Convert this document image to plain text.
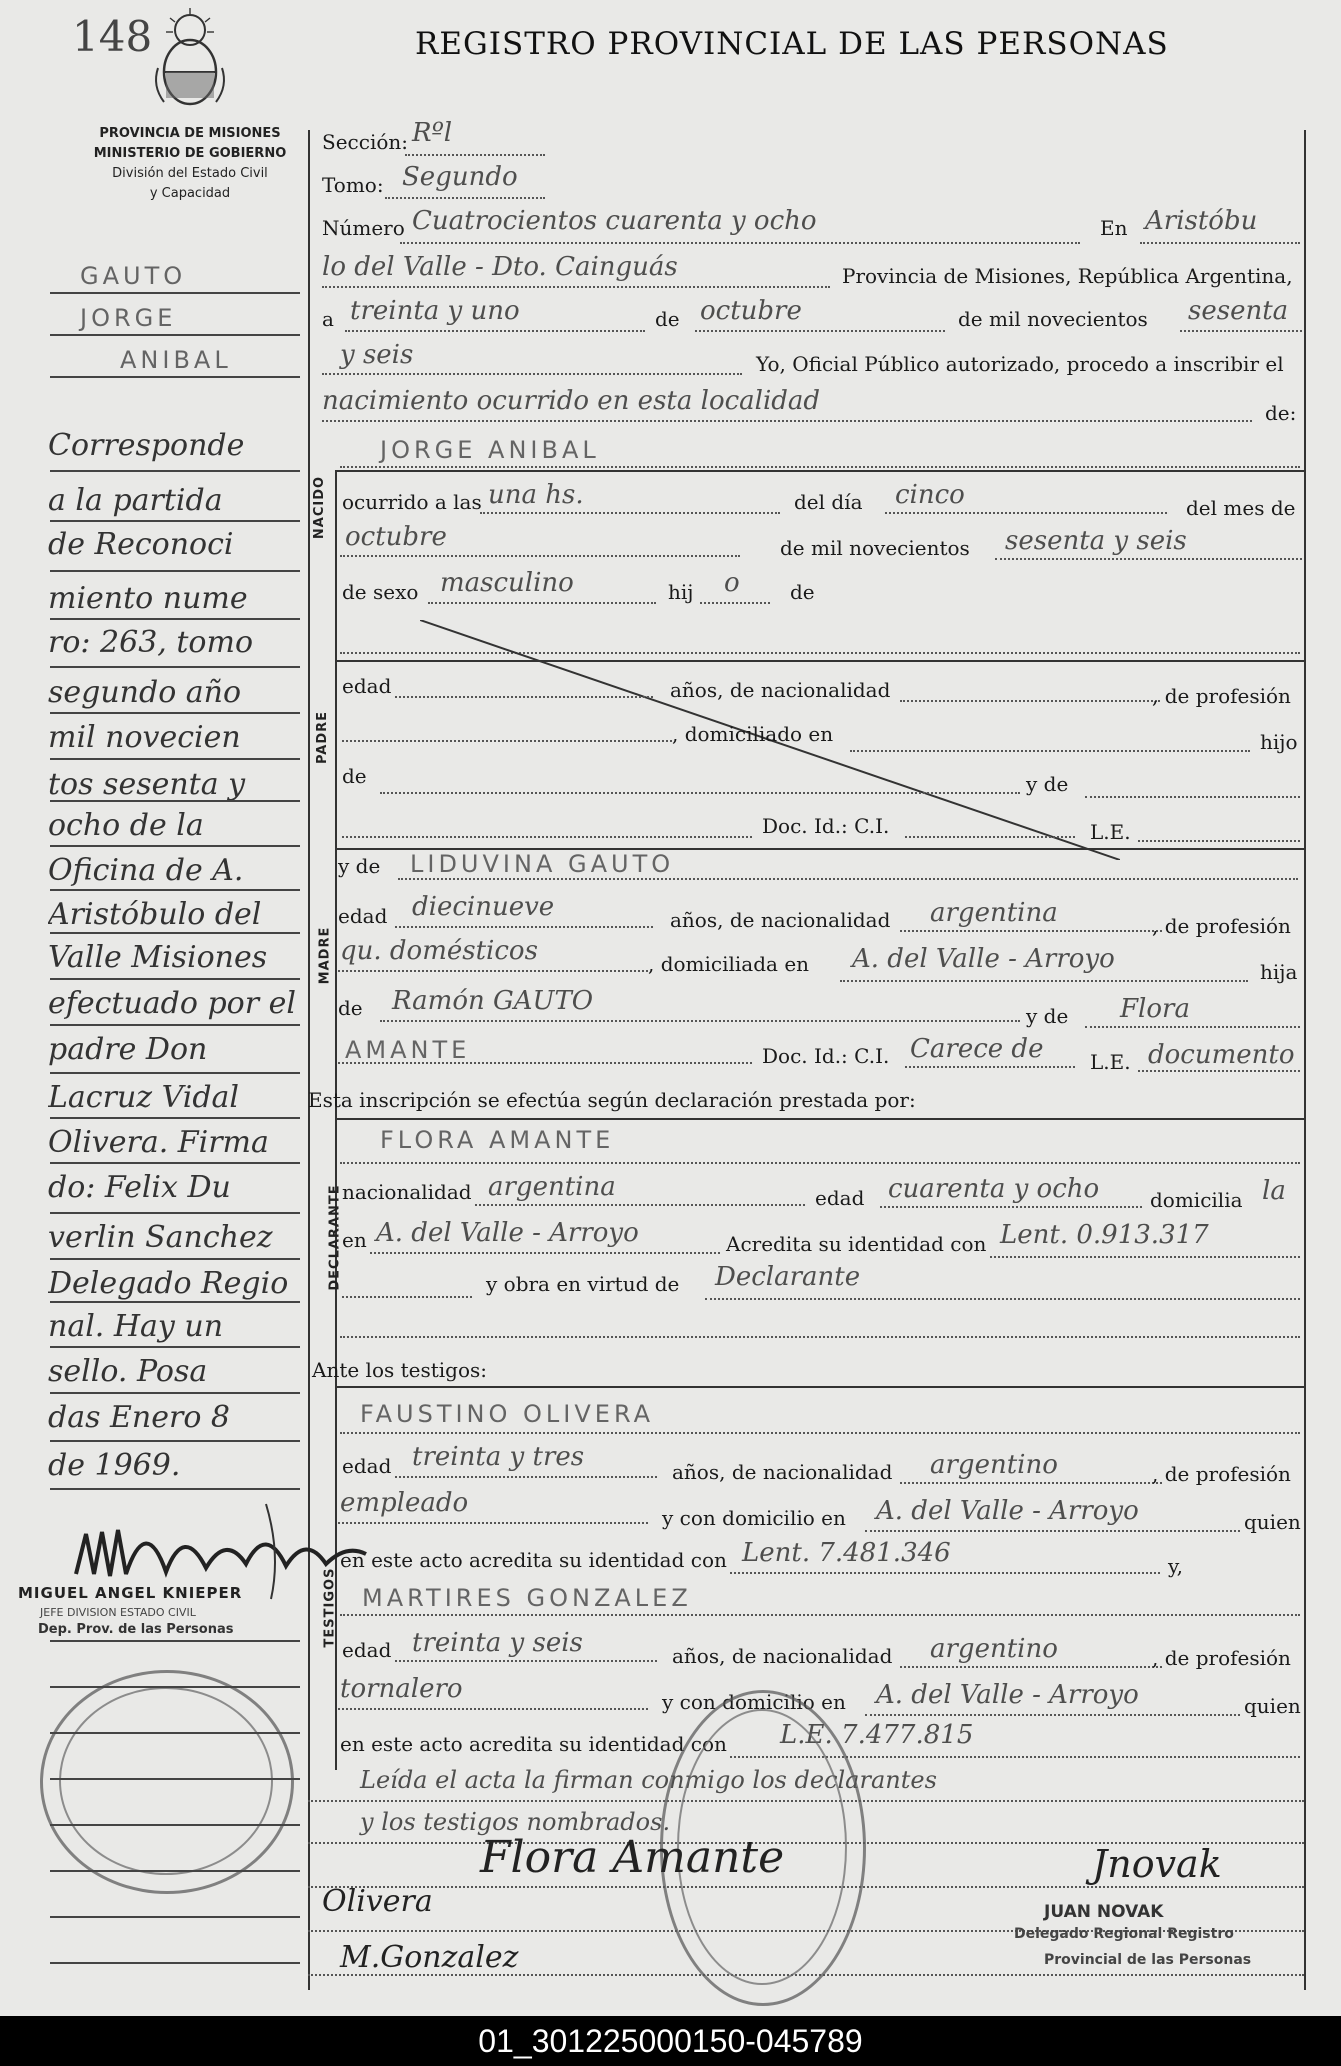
148	REGISTRO PROVINCIAL DE LAS PERSONAS
PROVINCIA DE MISIONES
MINISTERIO DE GOBIERNO
División del Estado Civil
y Capacidad
GAUTO
JORGE
ANIBAL
Corresponde
a la partida
de Reconoci
miento nume
ro: 263, tomo
segundo año
mil novecien
tos sesenta y
ocho de la
Oficina de A.
Aristóbulo del
Valle Misiones
efectuado por el
padre Don
Lacruz Vidal
Olivera. Firma
do: Felix Du
verlin Sanchez
Delegado Regio
nal. Hay un
sello. Posa
das Enero 8
de 1969.
MIGUEL ANGEL KNIEPER
JEFE DIVISION ESTADO CIVIL
Dep. Prov. de las Personas
Sección: Rºl
Tomo: Segundo
Número Cuatrocientos cuarenta y ocho	En Aristóbu
lo del Valle - Dto. Cainguás	Provincia de Misiones, República Argentina,
a treinta y uno	de octubre	de mil novecientos sesenta
y seis	Yo, Oficial Público autorizado, procedo a inscribir el
nacimiento ocurrido en esta localidad	de:
JORGE ANIBAL
NACIDO ocurrido a las una hs.	del día cinco	del mes de
octubre	de mil novecientos sesenta y seis
de sexo masculino	hij o	de
PADRE
edad	años, de nacionalidad	, de profesión
, domiciliado en	hijo
de	y de
Doc. Id.: C.I.	L.E.
MADRE
y de LIDUVINA GAUTO
edad diecinueve	años, de nacionalidad argentina	, de profesión
qu. domésticos	, domiciliada en A. del Valle - Arroyo	hija
de Ramón GAUTO	y de Flora
AMANTE	Doc. Id.: C.I. Carece de L.E. documento
Esta inscripción se efectúa según declaración prestada por:
DECLARANTE
FLORA AMANTE
nacionalidad argentina	edad cuarenta y ocho	domicilia la
en A. del Valle - Arroyo	Acredita su identidad con Lent. 0.913.317
y obra en virtud de Declarante
Ante los testigos:
TESTIGOS
FAUSTINO OLIVERA
edad treinta y tres	años, de nacionalidad argentino	, de profesión
empleado	y con domicilio en A. del Valle - Arroyo	quien
en este acto acredita su identidad con Lent. 7.481.346	y,
MARTIRES GONZALEZ
edad treinta y seis	años, de nacionalidad argentino	, de profesión
tornalero	y con domicilio en A. del Valle - Arroyo	quien
en este acto acredita su identidad con L.E. 7.477.815
Leída el acta la firman conmigo los declarantes
y los testigos nombrados.
Flora Amante	Jnovak
JUAN NOVAK
Delegado Regional Registro
Provincial de las Personas
Olivera
M.Gonzalez
01_301225000150-045789
